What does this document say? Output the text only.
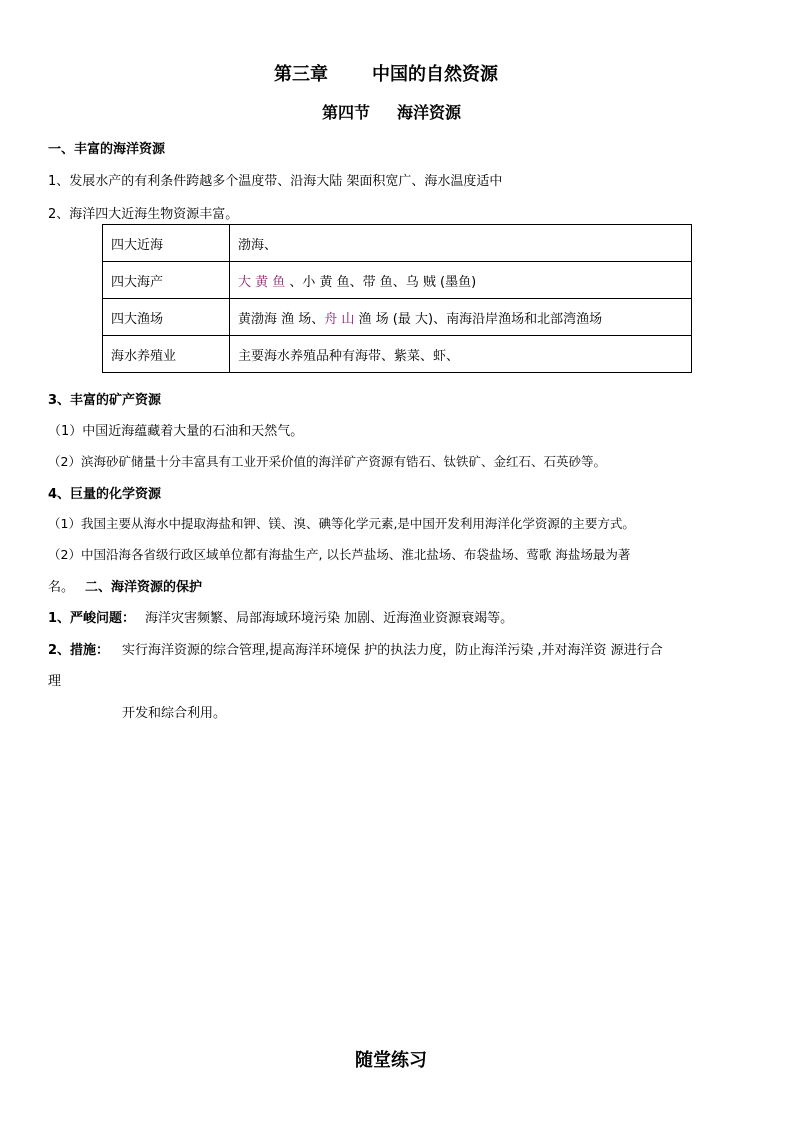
第三章 中国的自然资源
第四节 海洋资源
一、丰富的海洋资源
1、发展水产的有利条件跨越多个温度带、沿海大陆 架面积宽广、海水温度适中
2、海洋四大近海生物资源丰富。
四大近海	渤海、
四大海产	大 黄 鱼 、小 黄 鱼、带 鱼、乌 贼 (墨鱼)
四大渔场	黄渤海 渔 场、舟 山 渔 场 (最 大)、南海沿岸渔场和北部湾渔场
海水养殖业	主要海水养殖品种有海带、紫菜、虾、
3、丰富的矿产资源
（1）中国近海蕴藏着大量的石油和天然气。
（2）滨海砂矿储量十分丰富具有工业开采价值的海洋矿产资源有锆石、钛铁矿、金红石、石英砂等。
4、巨量的化学资源
（1）我国主要从海水中提取海盐和钾、镁、溴、碘等化学元素,是中国开发利用海洋化学资源的主要方式。
（2）中国沿海各省级行政区域单位都有海盐生产, 以长芦盐场、淮北盐场、布袋盐场、莺歌 海盐场最为著
名。 二、海洋资源的保护
1、严峻问题： 海洋灾害频繁、局部海域环境污染 加剧、近海渔业资源衰竭等。
2、措施： 实行海洋资源的综合管理,提高海洋环境保 护的执法力度，防止海洋污染 ,并对海洋资 源进行合
理
开发和综合利用。
随堂练习
